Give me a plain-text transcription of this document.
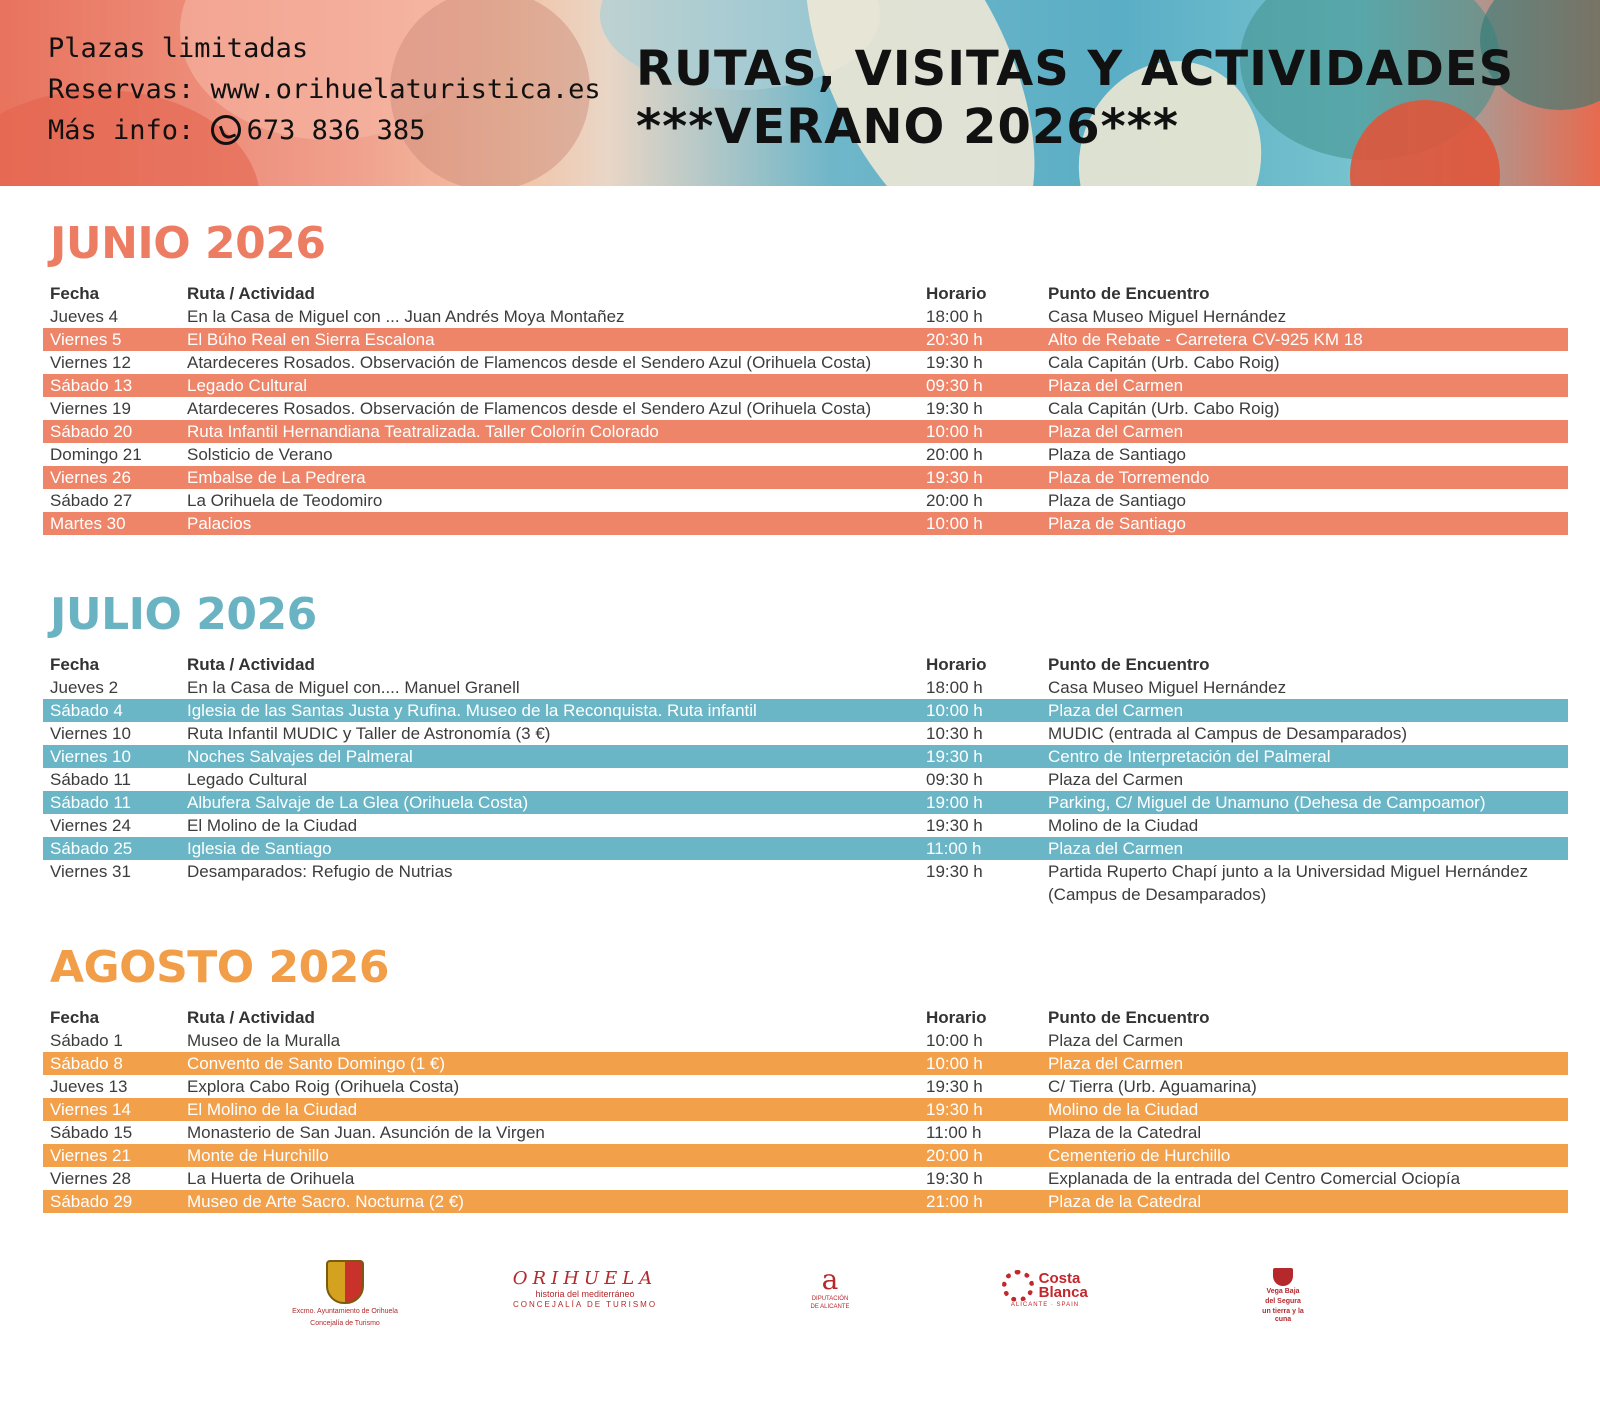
Plazas limitadas
Reservas: www.orihuelaturistica.es
Más info: 673 836 385
RUTAS, VISITAS Y ACTIVIDADES
***VERANO 2026***
JUNIO 2026
Fecha	Ruta / Actividad	Horario	Punto de Encuentro
Jueves 4	En la Casa de Miguel con ... Juan Andrés Moya Montañez	18:00 h	Casa Museo Miguel Hernández
Viernes 5	El Búho Real en Sierra Escalona	20:30 h	Alto de Rebate - Carretera CV-925 KM 18
Viernes 12	Atardeceres Rosados. Observación de Flamencos desde el Sendero Azul (Orihuela Costa)	19:30 h	Cala Capitán (Urb. Cabo Roig)
Sábado 13	Legado Cultural	09:30 h	Plaza del Carmen
Viernes 19	Atardeceres Rosados. Observación de Flamencos desde el Sendero Azul (Orihuela Costa)	19:30 h	Cala Capitán (Urb. Cabo Roig)
Sábado 20	Ruta Infantil Hernandiana Teatralizada. Taller Colorín Colorado	10:00 h	Plaza del Carmen
Domingo 21	Solsticio de Verano	20:00 h	Plaza de Santiago
Viernes 26	Embalse de La Pedrera	19:30 h	Plaza de Torremendo
Sábado 27	La Orihuela de Teodomiro	20:00 h	Plaza de Santiago
Martes 30	Palacios	10:00 h	Plaza de Santiago
JULIO 2026
Fecha	Ruta / Actividad	Horario	Punto de Encuentro
Jueves 2	En la Casa de Miguel con.... Manuel Granell	18:00 h	Casa Museo Miguel Hernández
Sábado 4	Iglesia de las Santas Justa y Rufina. Museo de la Reconquista. Ruta infantil	10:00 h	Plaza del Carmen
Viernes 10	Ruta Infantil MUDIC y Taller de Astronomía (3 €)	10:30 h	MUDIC (entrada al Campus de Desamparados)
Viernes 10	Noches Salvajes del Palmeral	19:30 h	Centro de Interpretación del Palmeral
Sábado 11	Legado Cultural	09:30 h	Plaza del Carmen
Sábado 11	Albufera Salvaje de La Glea (Orihuela Costa)	19:00 h	Parking, C/ Miguel de Unamuno (Dehesa de Campoamor)
Viernes 24	El Molino de la Ciudad	19:30 h	Molino de la Ciudad
Sábado 25	Iglesia de Santiago	11:00 h	Plaza del Carmen
Viernes 31	Desamparados: Refugio de Nutrias	19:30 h	Partida Ruperto Chapí junto a la Universidad Miguel Hernández (Campus de Desamparados)
AGOSTO 2026
Fecha	Ruta / Actividad	Horario	Punto de Encuentro
Sábado 1	Museo de la Muralla	10:00 h	Plaza del Carmen
Sábado 8	Convento de Santo Domingo (1 €)	10:00 h	Plaza del Carmen
Jueves 13	Explora Cabo Roig (Orihuela Costa)	19:30 h	C/ Tierra (Urb. Aguamarina)
Viernes 14	El Molino de la Ciudad	19:30 h	Molino de la Ciudad
Sábado 15	Monasterio de San Juan. Asunción de la Virgen	11:00 h	Plaza de la Catedral
Viernes 21	Monte de Hurchillo	20:00 h	Cementerio de Hurchillo
Viernes 28	La Huerta de Orihuela	19:30 h	Explanada de la entrada del Centro Comercial Ociopía
Sábado 29	Museo de Arte Sacro. Nocturna (2 €)	21:00 h	Plaza de la Catedral
Excmo. Ayuntamiento de Orihuela
Concejalía de Turismo
ORIHUELA
historia del mediterráneo
CONCEJALÍA DE TURISMO
a
DIPUTACIÓN
DE ALICANTE
Costa
Blanca
ALICANTE · SPAIN
Vega Baja
del Segura
un tierra y la cuna
